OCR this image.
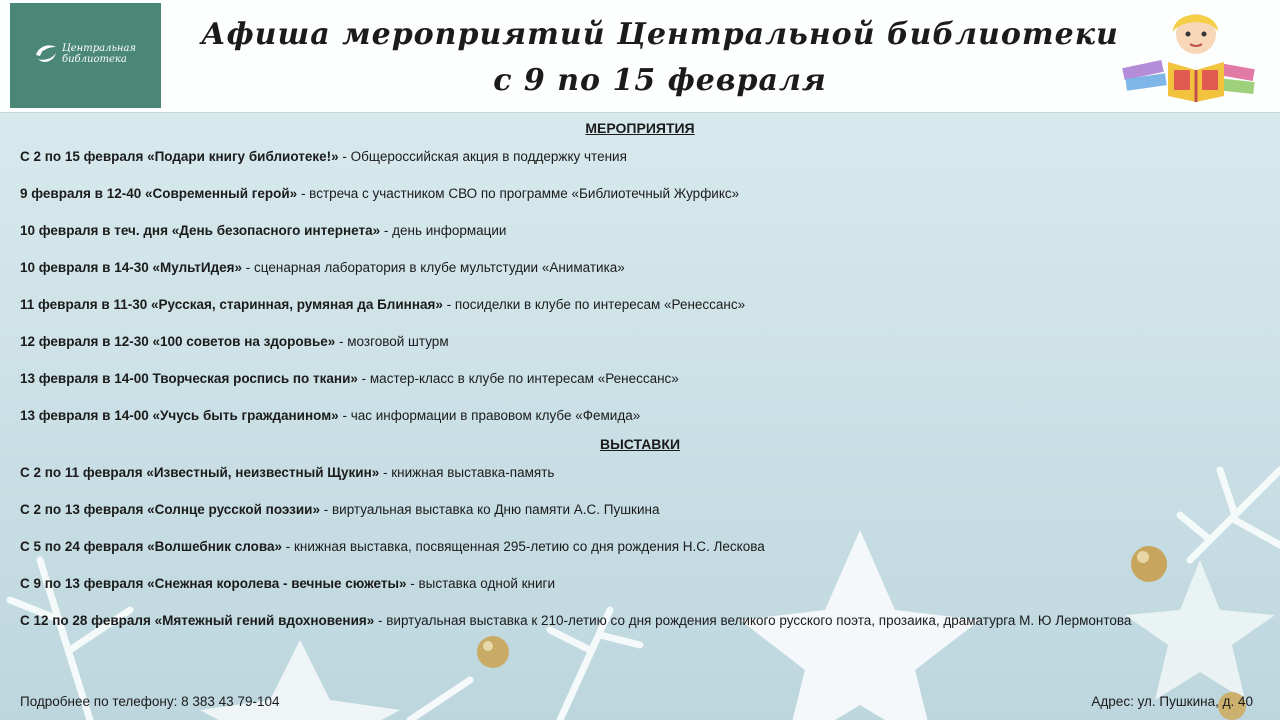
Центральная
библиотека
Афиша мероприятий Центральной библиотеки
с 9 по 15 февраля
МЕРОПРИЯТИЯ
С 2 по 15 февраля «Подари книгу библиотеке!» - Общероссийская акция в поддержку чтения
9 февраля в 12-40 «Современный герой» - встреча с участником СВО по программе «Библиотечный Журфикс»
10 февраля в теч. дня «День безопасного интернета» - день информации
10 февраля в 14-30 «МультИдея» - сценарная лаборатория в клубе мультстудии «Аниматика»
11 февраля в 11-30 «Русская, старинная, румяная да Блинная» - посиделки в клубе по интересам «Ренессанс»
12 февраля в 12-30 «100 советов на здоровье» - мозговой штурм
13 февраля в 14-00 Творческая роспись по ткани» - мастер-класс в клубе по интересам «Ренессанс»
13 февраля в 14-00 «Учусь быть гражданином» - час информации в правовом клубе «Фемида»
ВЫСТАВКИ
С 2 по 11 февраля «Известный, неизвестный Щукин» - книжная выставка-память
С 2 по 13 февраля «Солнце русской поэзии» - виртуальная выставка ко Дню памяти А.С. Пушкина
С 5 по 24 февраля «Волшебник слова» - книжная выставка, посвященная 295-летию со дня рождения Н.С. Лескова
С 9 по 13 февраля «Снежная королева - вечные сюжеты» - выставка одной книги
С 12 по 28 февраля «Мятежный гений вдохновения» - виртуальная выставка к 210-летию со дня рождения великого русского поэта, прозаика, драматурга М. Ю Лермонтова
Подробнее по телефону: 8 383 43 79-104	Адрес: ул. Пушкина, д. 40
